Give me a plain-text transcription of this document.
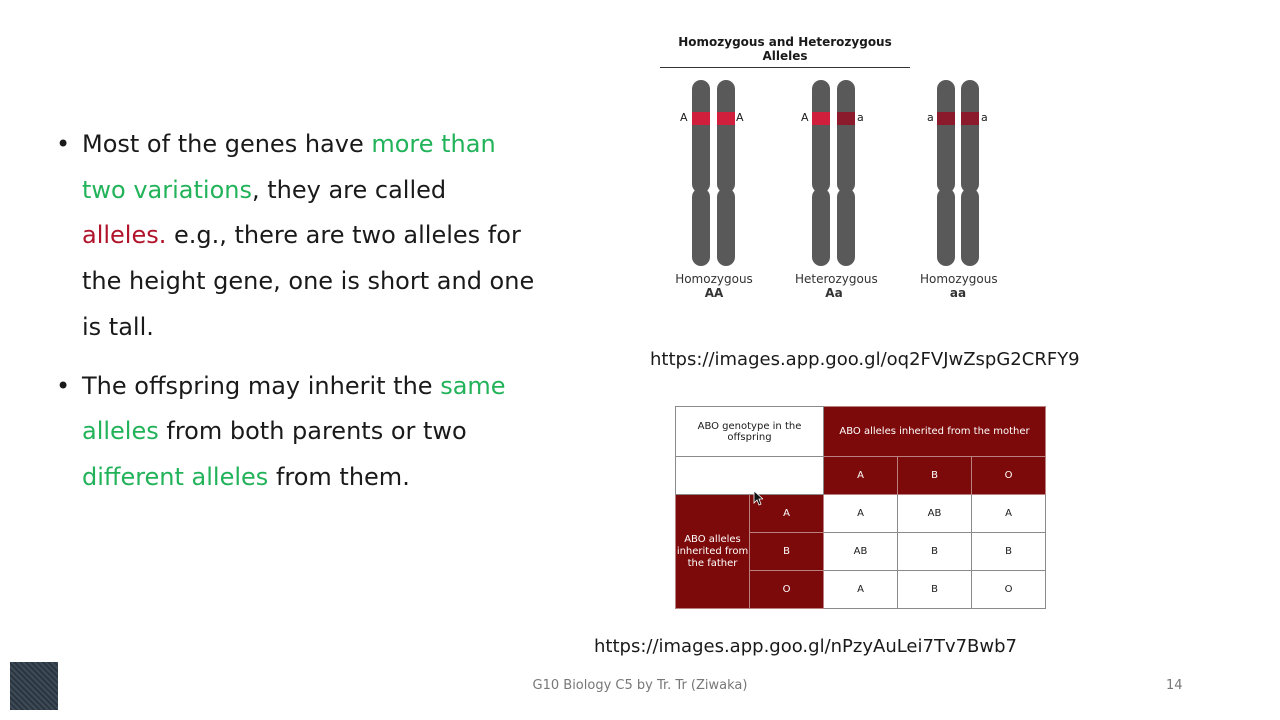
• Most of the genes have more than two variations, they are called alleles. e.g., there are two alleles for the height gene, one is short and one is tall.
• The offspring may inherit the same alleles from both parents or two different alleles from them.
Homozygous and Heterozygous Alleles
A	A
Homozygous
AA
A	a
Heterozygous
Aa
a	a
Homozygous
aa
https://images.app.goo.gl/oq2FVJwZspG2CRFY9
ABO genotype in the offspring		ABO alleles inherited from the mother		
		A	B	O
ABO alleles inherited from the father	A	A	AB	A
	B	AB	B	B
	O	A	B	O
https://images.app.goo.gl/nPzyAuLei7Tv7Bwb7
G10 Biology C5 by Tr. Tr (Ziwaka)	14
